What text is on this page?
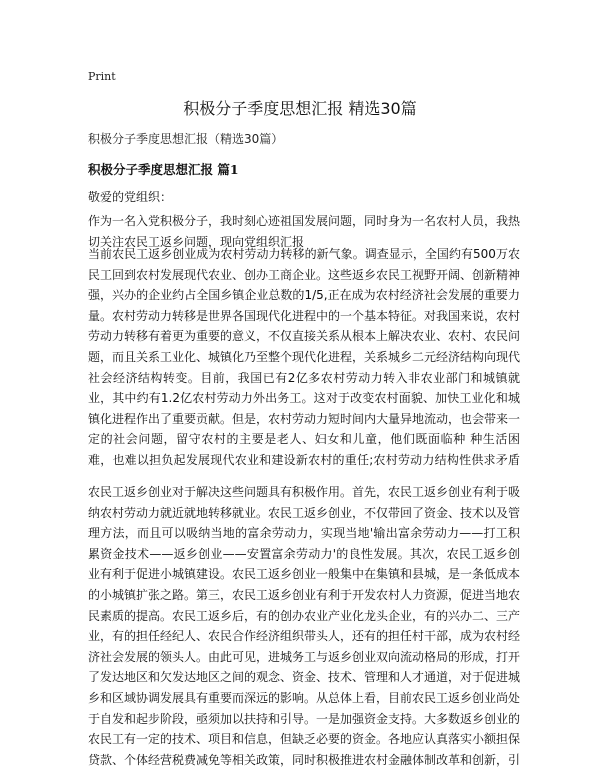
Print
积极分子季度思想汇报 精选30篇
积极分子季度思想汇报（精选30篇）
积极分子季度思想汇报 篇1
敬爱的党组织：

作为一名入党积极分子，我时刻心迹祖国发展问题，同时身为一名农村人员，我热切关注农民工返乡问题，现向党组织汇报

当前农民工返乡创业成为农村劳动力转移的新气象。调查显示，全国约有500万农民工回到农村发展现代农业、创办工商企业。这些返乡农民工视野开阔、创新精神强，兴办的企业约占全国乡镇企业总数的1/5,正在成为农村经济社会发展的重要力量。农村劳动力转移是世界各国现代化进程中的一个基本特征。对我国来说，农村劳动力转移有着更为重要的意义，不仅直接关系从根本上解决农业、农村、农民问题，而且关系工业化、城镇化乃至整个现代化进程，关系城乡二元经济结构向现代社会经济结构转变。目前，我国已有2亿多农村劳动力转入非农业部门和城镇就业，其中约有1.2亿农村劳动力外出务工。这对于改变农村面貌、加快工业化和城镇化进程作出了重要贡献。但是，农村劳动力短时间内大量异地流动，也会带来一定的社会问题，留守农村的主要是老人、妇女和儿童，他们既面临种 种生活困难，也难以担负起发展现代农业和建设新农村的重任;农村劳动力结构性供求矛盾

农民工返乡创业对于解决这些问题具有积极作用。首先，农民工返乡创业有利于吸纳农村劳动力就近就地转移就业。农民工返乡创业，不仅带回了资金、技术以及管理方法，而且可以吸纳当地的富余劳动力，实现当地'输出富余劳动力——打工积累资金技术——返乡创业——安置富余劳动力'的良性发展。其次，农民工返乡创业有利于促进小城镇建设。农民工返乡创业一般集中在集镇和县城，是一条低成本的小城镇扩张之路。第三，农民工返乡创业有利于开发农村人力资源，促进当地农民素质的提高。农民工返乡后，有的创办农业产业化龙头企业，有的兴办二、三产业，有的担任经纪人、农民合作经济组织带头人，还有的担任村干部，成为农村经济社会发展的领头人。由此可见，进城务工与返乡创业双向流动格局的形成，打开了发达地区和欠发达地区之间的观念、资金、技术、管理和人才通道，对于促进城乡和区域协调发展具有重要而深远的影响。从总体上看，目前农民工返乡创业尚处于自发和起步阶段，亟须加以扶持和引导。一是加强资金支持。大多数返乡创业的农民工有一定的技术、项目和信息，但缺乏必要的资金。各地应认真落实小额担保贷款、个体经营税费减免等相关政策，同时积极推进农村金融体制改革和创新，引
